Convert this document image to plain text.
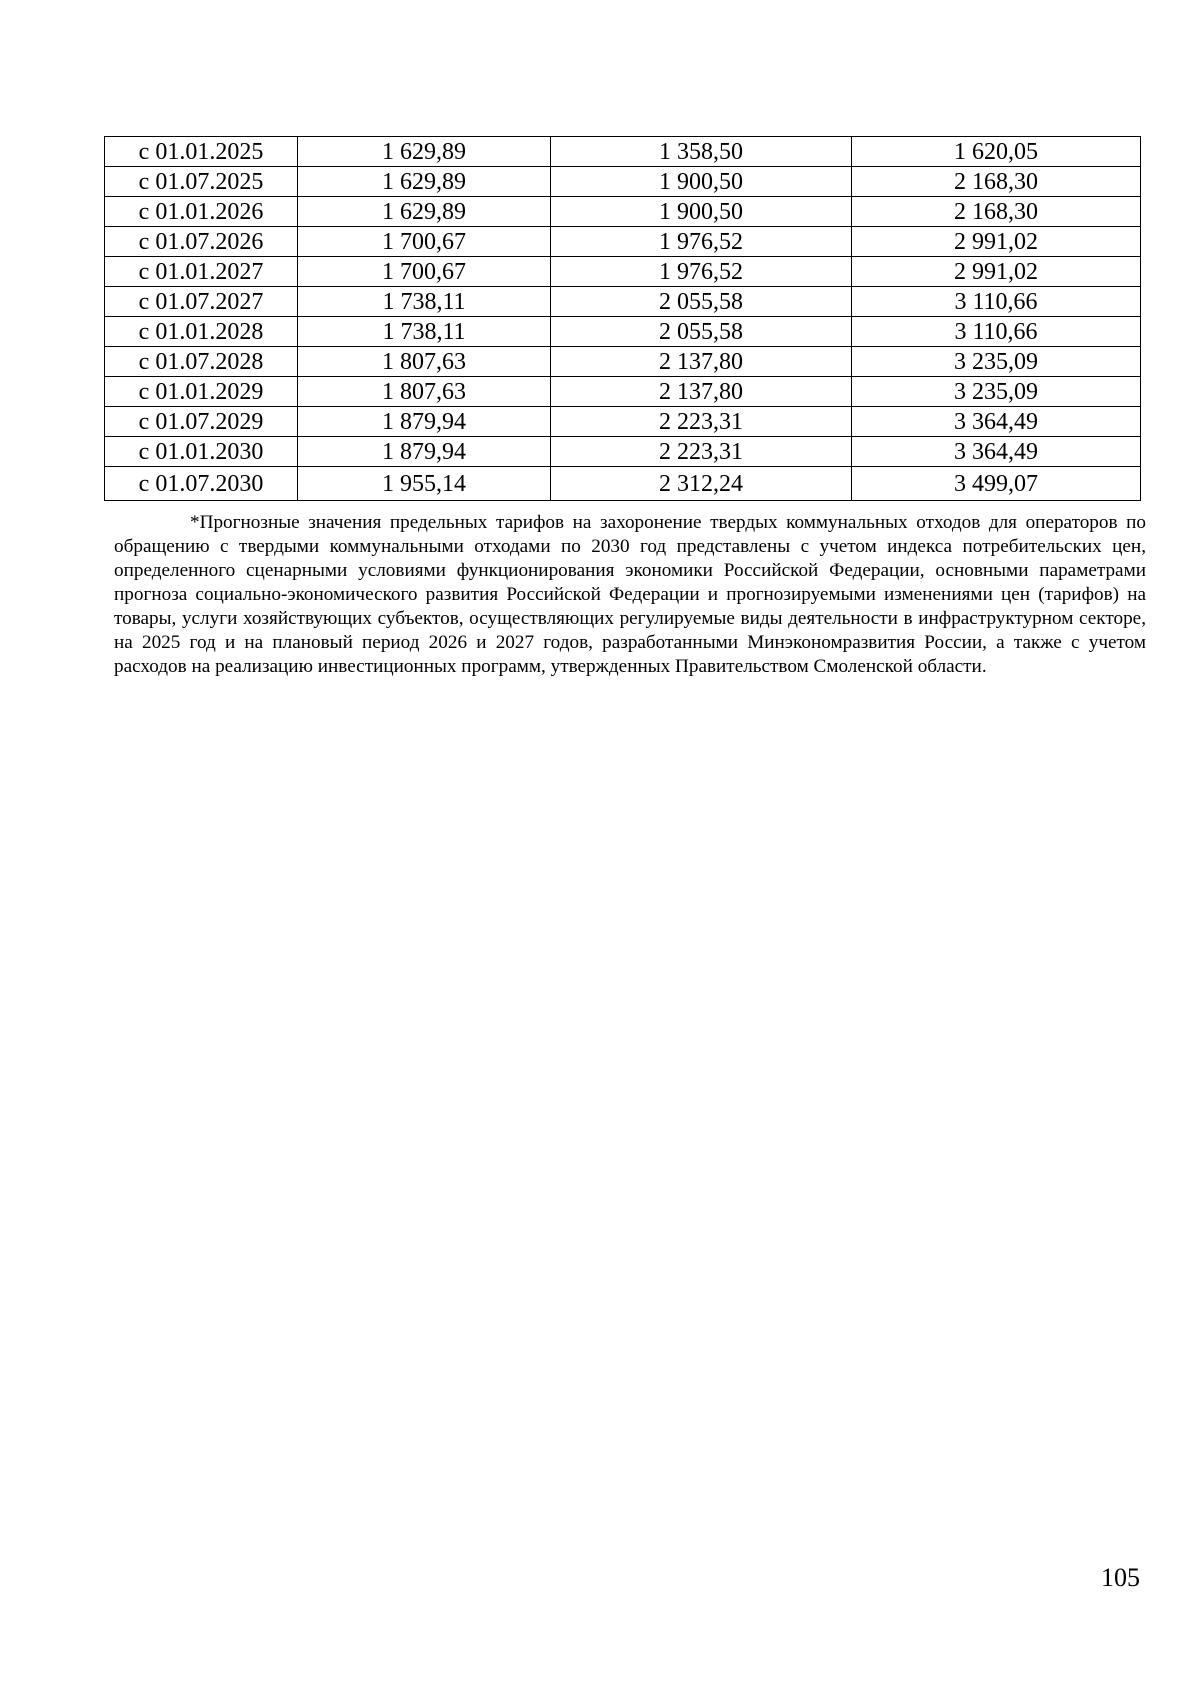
с 01.01.2025	1 629,89	1 358,50	1 620,05
с 01.07.2025	1 629,89	1 900,50	2 168,30
с 01.01.2026	1 629,89	1 900,50	2 168,30
с 01.07.2026	1 700,67	1 976,52	2 991,02
с 01.01.2027	1 700,67	1 976,52	2 991,02
с 01.07.2027	1 738,11	2 055,58	3 110,66
с 01.01.2028	1 738,11	2 055,58	3 110,66
с 01.07.2028	1 807,63	2 137,80	3 235,09
с 01.01.2029	1 807,63	2 137,80	3 235,09
с 01.07.2029	1 879,94	2 223,31	3 364,49
с 01.01.2030	1 879,94	2 223,31	3 364,49
с 01.07.2030	1 955,14	2 312,24	3 499,07

*Прогнозные значения предельных тарифов на захоронение твердых коммунальных отходов для операторов по обращению с твердыми коммунальными отходами по 2030 год представлены с учетом индекса потребительских цен, определенного сценарными условиями функционирования экономики Российской Федерации, основными параметрами прогноза социально-экономического развития Российской Федерации и прогнозируемыми изменениями цен (тарифов) на товары, услуги хозяйствующих субъектов, осуществляющих регулируемые виды деятельности в инфраструктурном секторе, на 2025 год и на плановый период 2026 и 2027 годов, разработанными Минэкономразвития России, а также с учетом расходов на реализацию инвестиционных программ, утвержденных Правительством Смоленской области.

105
